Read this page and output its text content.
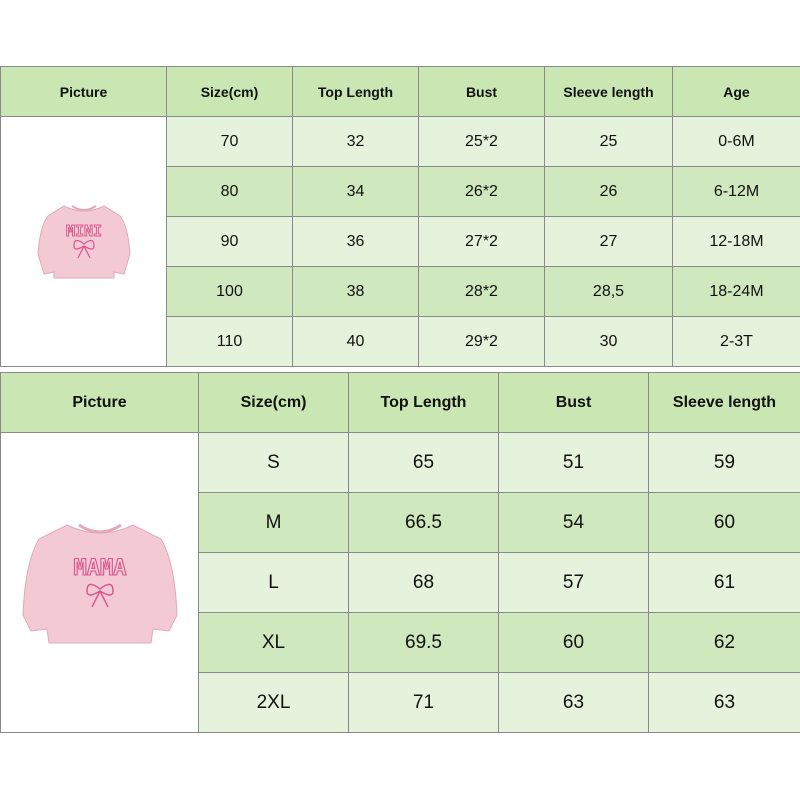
Picture	Size(cm)	Top Length	Bust	Sleeve length	Age

MINI	70	32	25*2	25	0-6M
	80	34	26*2	26	6-12M
	90	36	27*2	27	12-18M
	100	38	28*2	28,5	18-24M
	110	40	29*2	30	2-3T
Picture	Size(cm)	Top Length	Bust	Sleeve length

MAMA	S	65	51	59
	M	66.5	54	60
	L	68	57	61
	XL	69.5	60	62
	2XL	71	63	63
